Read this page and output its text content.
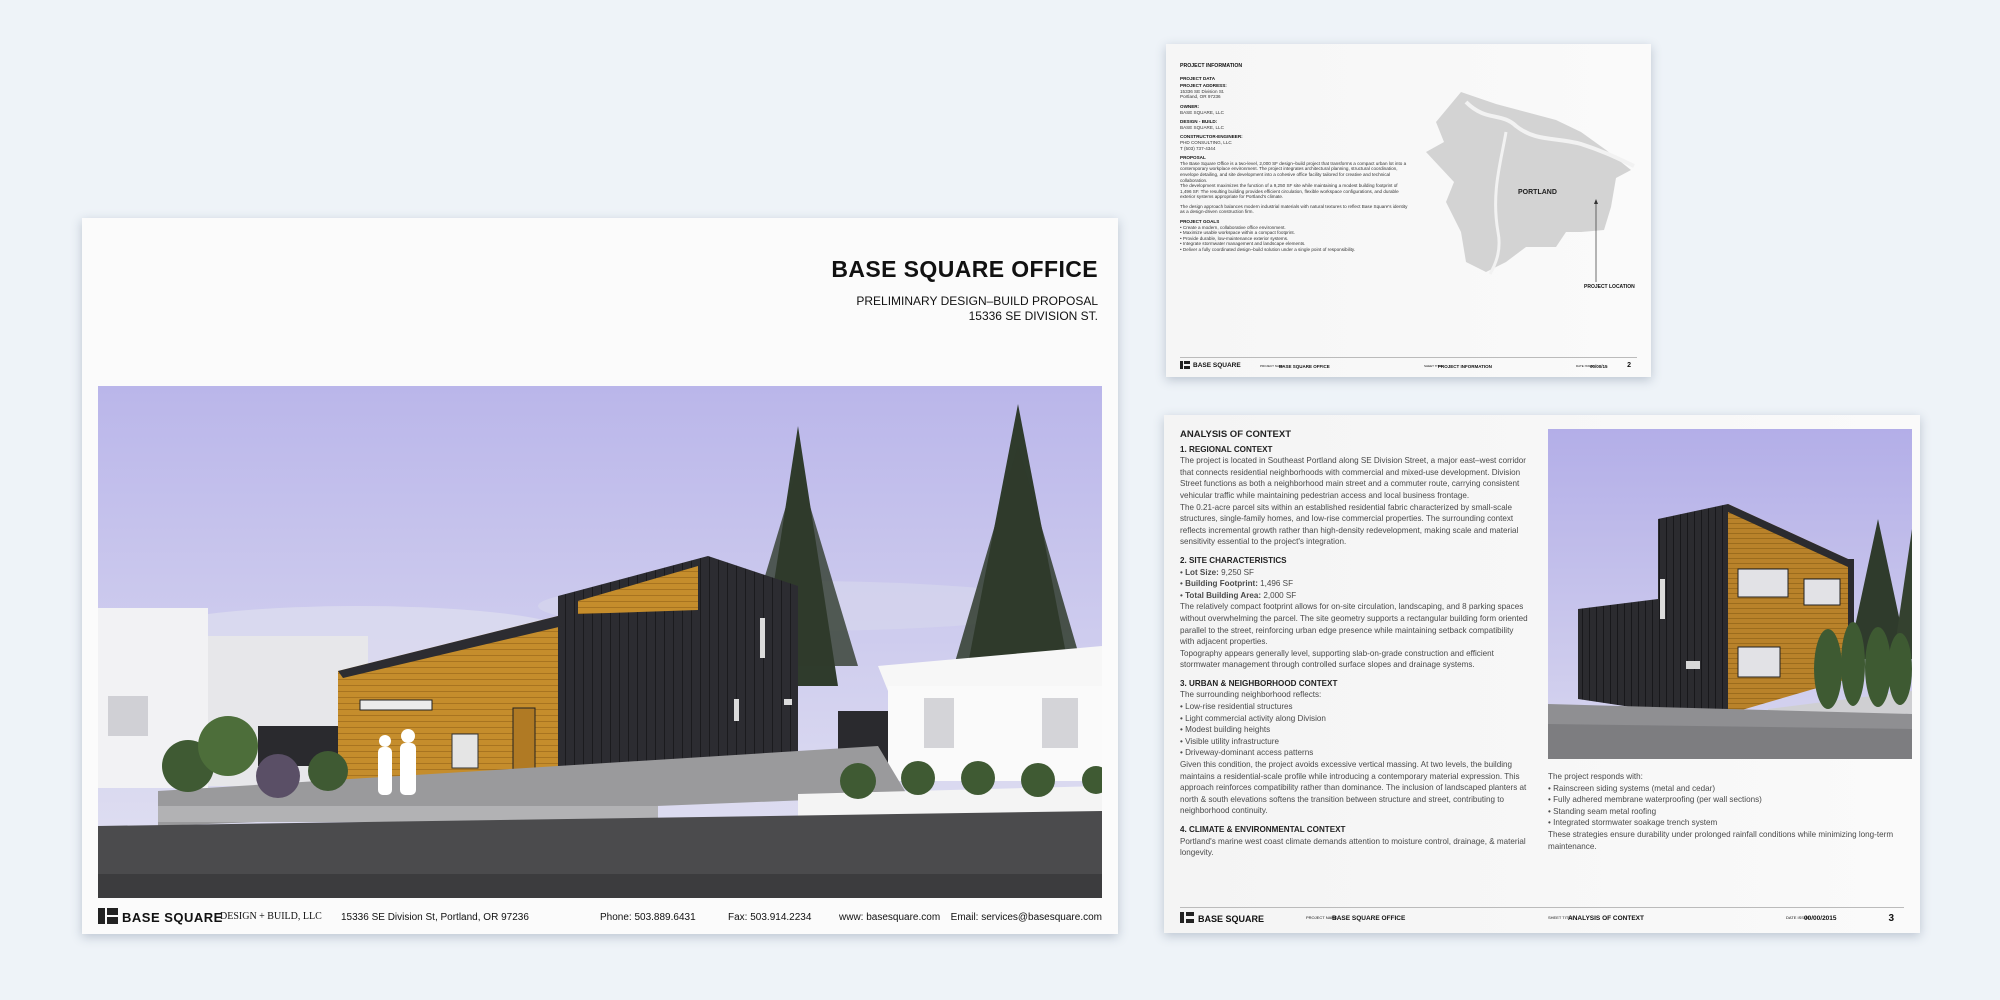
BASE SQUARE OFFICE
PRELIMINARY DESIGN–BUILD PROPOSAL
15336 SE DIVISION ST.
BASE SQUARE
DESIGN + BUILD, LLC 15336 SE Division St, Portland, OR 97236	Phone: 503.889.6431	Fax: 503.914.2234	www: basesquare.com Email: services@basesquare.com

PROJECT INFORMATION

PROJECT DATA

PROJECT ADDRESS:
15336 SE Division St.

Portland, OR 97236

OWNER:

BASE SQUARE, LLC

DESIGN - BUILD:

BASE SQUARE, LLC

CONSTRUCTOR-ENGINEER:
PHD CONSULTING, LLC

T (503) 737-4344

PROPOSAL
The Base Square Office is a two-level, 2,000 SF design–build project that transforms a compact urban lot into a contemporary workplace environment. The project integrates architectural planning, structural coordination, envelope detailing, and site development into a cohesive office facility tailored for creative and technical collaboration.

The development maximizes the function of a 9,250 SF site while maintaining a modest building footprint of 1,496 SF. The resulting building provides efficient circulation, flexible workspace configurations, and durable exterior systems appropriate for Portland's climate.

The design approach balances modern industrial materials with natural textures to reflect Base Square's identity as a design-driven construction firm.

PROJECT GOALS
• Create a modern, collaborative office environment.
• Maximize usable workspace within a compact footprint.
• Provide durable, low-maintenance exterior systems.
• Integrate stormwater management and landscape elements.
• Deliver a fully coordinated design–build solution under a single point of responsibility.
PORTLAND
PROJECT LOCATION
BASE SQUARE	PROJECT NAME:
BASE SQUARE OFFICE	SHEET TITLE:
PROJECT INFORMATION	DATE ISSUE:
00/00/15	2
ANALYSIS OF CONTEXT
1. REGIONAL CONTEXT
The project is located in Southeast Portland along SE Division Street, a major east–west corridor that connects residential neighborhoods with commercial and mixed-use development. Division Street functions as both a neighborhood main street and a commuter route, carrying consistent vehicular traffic while maintaining pedestrian access and local business frontage.
The 0.21-acre parcel sits within an established residential fabric characterized by small-scale structures, single-family homes, and low-rise commercial properties. The surrounding context reflects incremental growth rather than high-density redevelopment, making scale and material sensitivity essential to the project's integration.
2. SITE CHARACTERISTICS
• Lot Size: 9,250 SF
• Building Footprint: 1,496 SF
• Total Building Area: 2,000 SF
The relatively compact footprint allows for on-site circulation, landscaping, and 8 parking spaces without overwhelming the parcel. The site geometry supports a rectangular building form oriented parallel to the street, reinforcing urban edge presence while maintaining setback compatibility with adjacent properties.
Topography appears generally level, supporting slab-on-grade construction and efficient stormwater management through controlled surface slopes and drainage systems.
3. URBAN & NEIGHBORHOOD CONTEXT
The surrounding neighborhood reflects:
• Low-rise residential structures
• Light commercial activity along Division
• Modest building heights
• Visible utility infrastructure
• Driveway-dominant access patterns
Given this condition, the project avoids excessive vertical massing. At two levels, the building maintains a residential-scale profile while introducing a contemporary material expression. This approach reinforces compatibility rather than dominance. The inclusion of landscaped planters at north & south elevations softens the transition between structure and street, contributing to neighborhood continuity.
4. CLIMATE & ENVIRONMENTAL CONTEXT
Portland's marine west coast climate demands attention to moisture control, drainage, & material longevity.
The project responds with:
• Rainscreen siding systems (metal and cedar)
• Fully adhered membrane waterproofing (per wall sections)
• Standing seam metal roofing
• Integrated stormwater soakage trench system
These strategies ensure durability under prolonged rainfall conditions while minimizing long-term maintenance.
BASE SQUARE	PROJECT NAME:
BASE SQUARE OFFICE	SHEET TITLE:
ANALYSIS OF CONTEXT	DATE ISSUE:
00/00/2015	3
